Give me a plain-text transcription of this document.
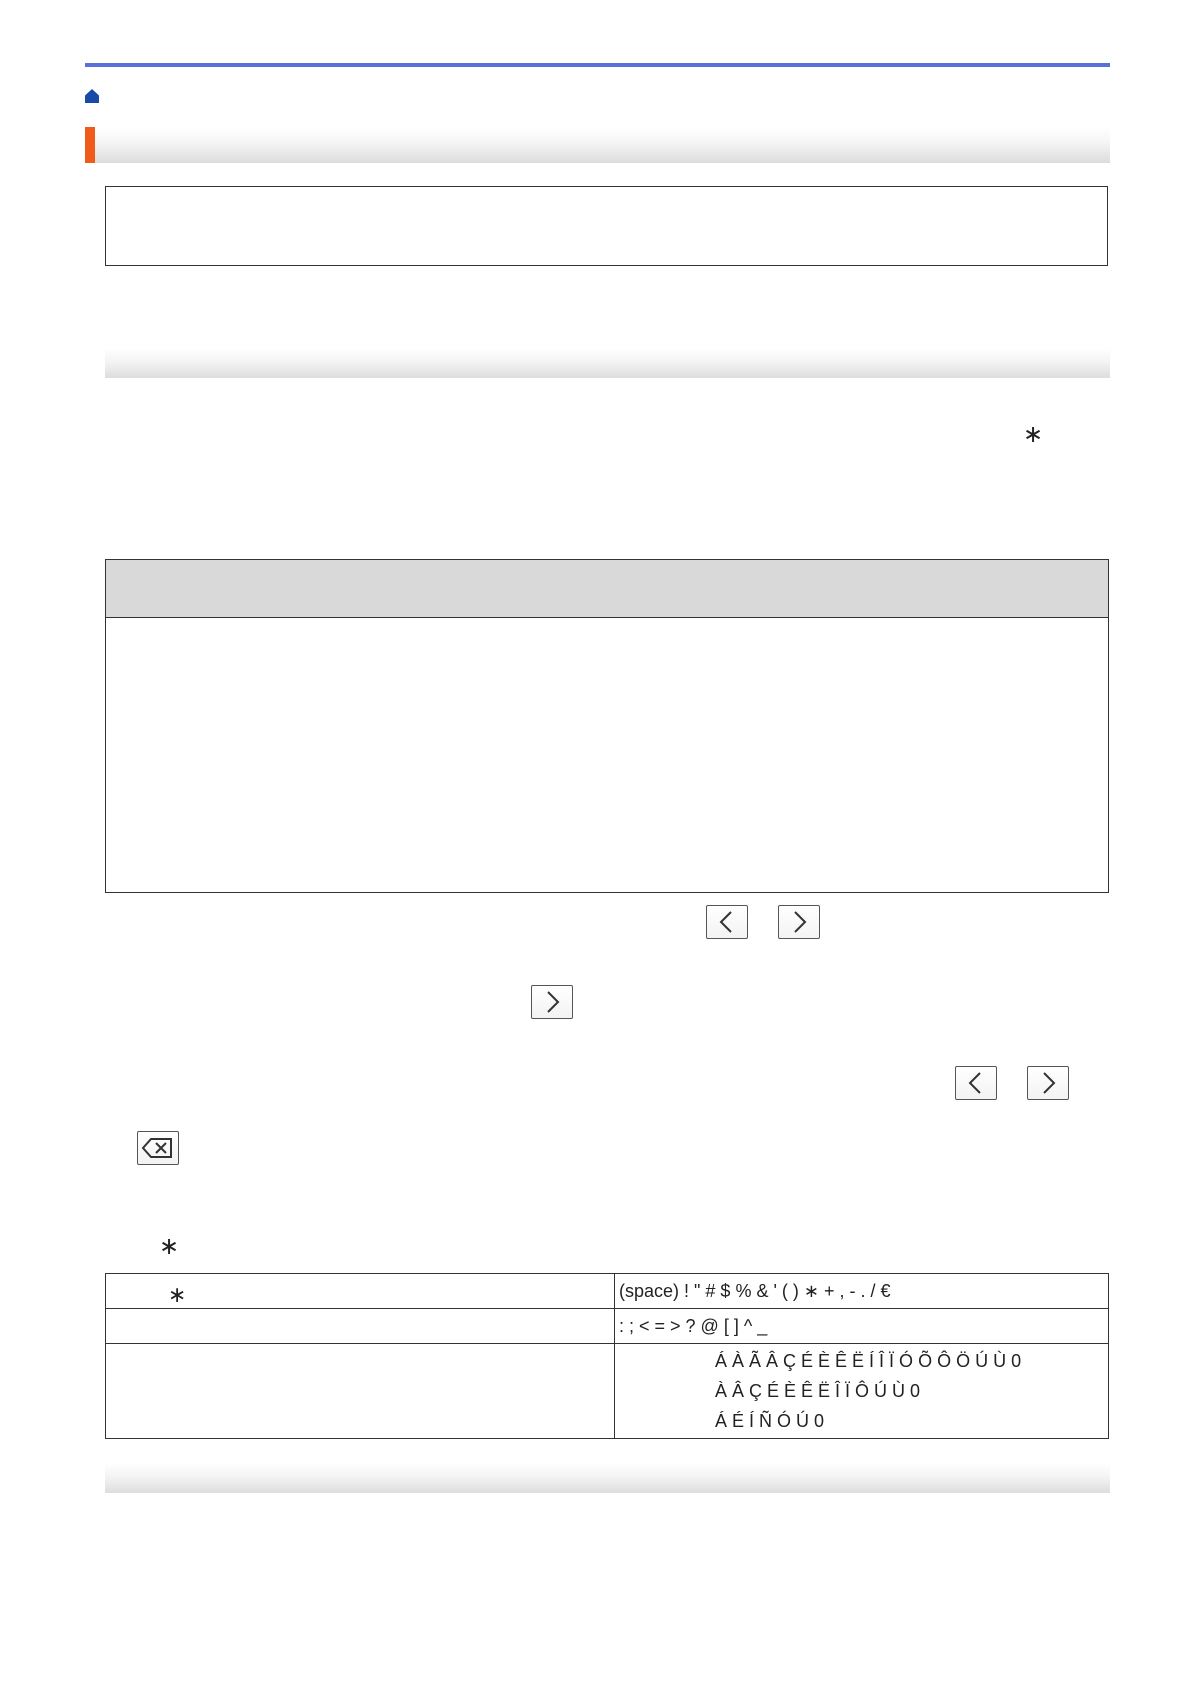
∗
∗
∗	(space) ! " # $ % & ' ( ) ∗ + , - . / €
	: ; < = > ? @ [ ] ^ _

	Á À Ã Â Ç É È Ê Ë Í Î Ï Ó Õ Ô Ö Ú Ù 0
À Â Ç É È Ê Ë Î Ï Ô Ú Ù 0
Á É Í Ñ Ó Ú 0
